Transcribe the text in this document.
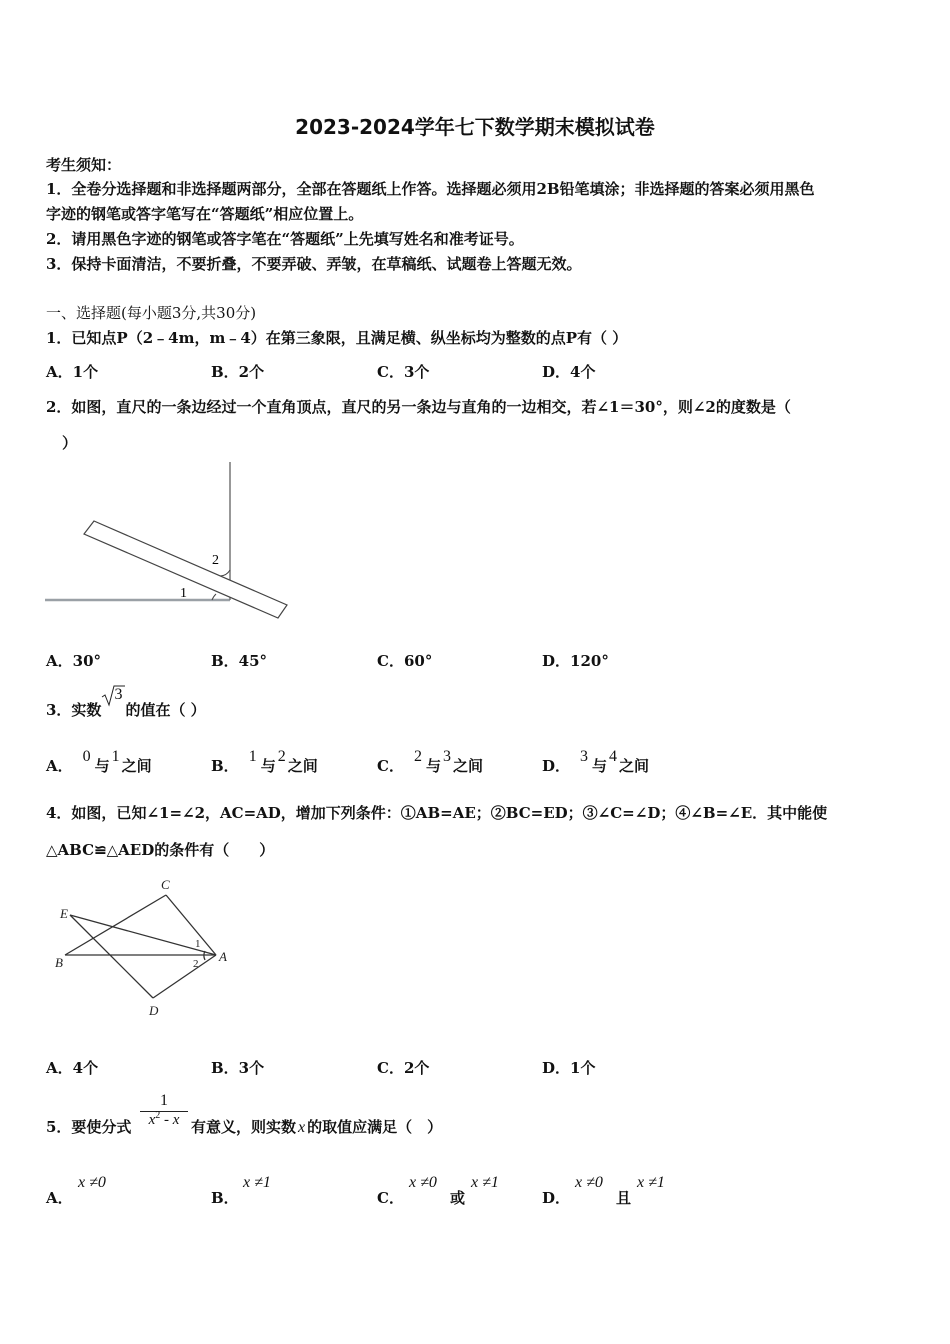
2023-2024学年七下数学期末模拟试卷
考生须知：
1．全卷分选择题和非选择题两部分，全部在答题纸上作答。选择题必须用2B铅笔填涂；非选择题的答案必须用黑色
字迹的钢笔或答字笔写在“答题纸”相应位置上。
2．请用黑色字迹的钢笔或答字笔在“答题纸”上先填写姓名和准考证号。
3．保持卡面清洁，不要折叠，不要弄破、弄皱，在草稿纸、试题卷上答题无效。
一、选择题(每小题3分,共30分)
1．已知点P（2﹣4m，m﹣4）在第三象限，且满足横、纵坐标均为整数的点P有（ ）
A．1个	B．2个	C．3个	D．4个
2．如图，直尺的一条边经过一个直角顶点，直尺的另一条边与直角的一边相交，若∠1＝30°，则∠2的度数是（
）
2
1
A．30°	B．45°	C．60°	D．120°
3．实数
3
的值在（ ）
A．0与1之间	B．1与2之间	C．2与3之间	D．3与4之间
4．如图，已知∠1=∠2，AC=AD，增加下列条件：①AB=AE；②BC=ED；③∠C=∠D；④∠B=∠E．其中能使
△ABC≌△AED的条件有（　　）
C
E
B	A
D
1
2
A．4个	B．3个	C．2个	D．1个
5．要使分式
1
$x^2$ - x 有意义，则实数 x 的取值应满足（　）
A．
x ≠0
B．
x ≠1
C．
x ≠0
或
x ≠1
D．
x ≠0
且
x ≠1
